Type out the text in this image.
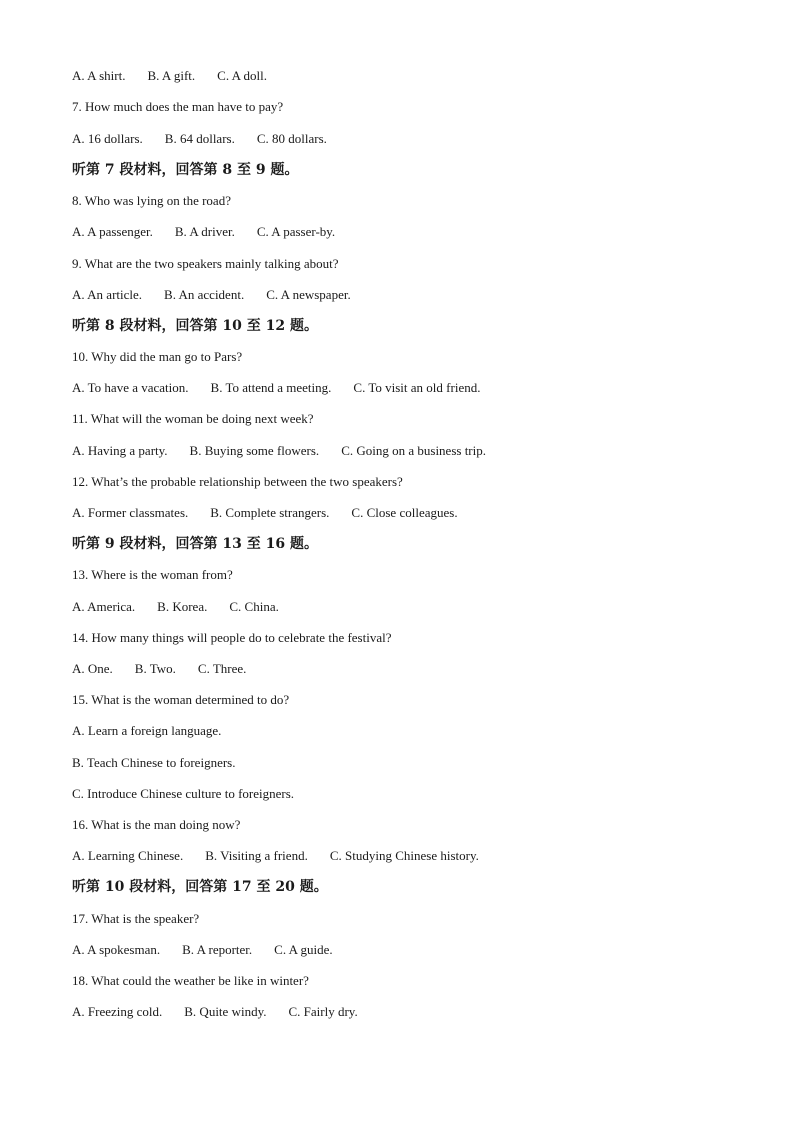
A. A shirt. B. A gift. C. A doll.
7. How much does the man have to pay?
A. 16 dollars. B. 64 dollars. C. 80 dollars.
听第 7 段材料，回答第 8 至 9 题。
8. Who was lying on the road?
A. A passenger. B. A driver. C. A passer-by.
9. What are the two speakers mainly talking about?
A. An article. B. An accident. C. A newspaper.
听第 8 段材料，回答第 10 至 12 题。
10. Why did the man go to Pars?
A. To have a vacation. B. To attend a meeting. C. To visit an old friend.
11. What will the woman be doing next week?
A. Having a party. B. Buying some flowers. C. Going on a business trip.
12. What’s the probable relationship between the two speakers?
A. Former classmates. B. Complete strangers. C. Close colleagues.
听第 9 段材料，回答第 13 至 16 题。
13. Where is the woman from?
A. America. B. Korea. C. China.
14. How many things will people do to celebrate the festival?
A. One. B. Two. C. Three.
15. What is the woman determined to do?
A. Learn a foreign language.
B. Teach Chinese to foreigners.
C. Introduce Chinese culture to foreigners.
16. What is the man doing now?
A. Learning Chinese. B. Visiting a friend. C. Studying Chinese history.
听第 10 段材料，回答第 17 至 20 题。
17. What is the speaker?
A. A spokesman. B. A reporter. C. A guide.
18. What could the weather be like in winter?
A. Freezing cold. B. Quite windy. C. Fairly dry.
